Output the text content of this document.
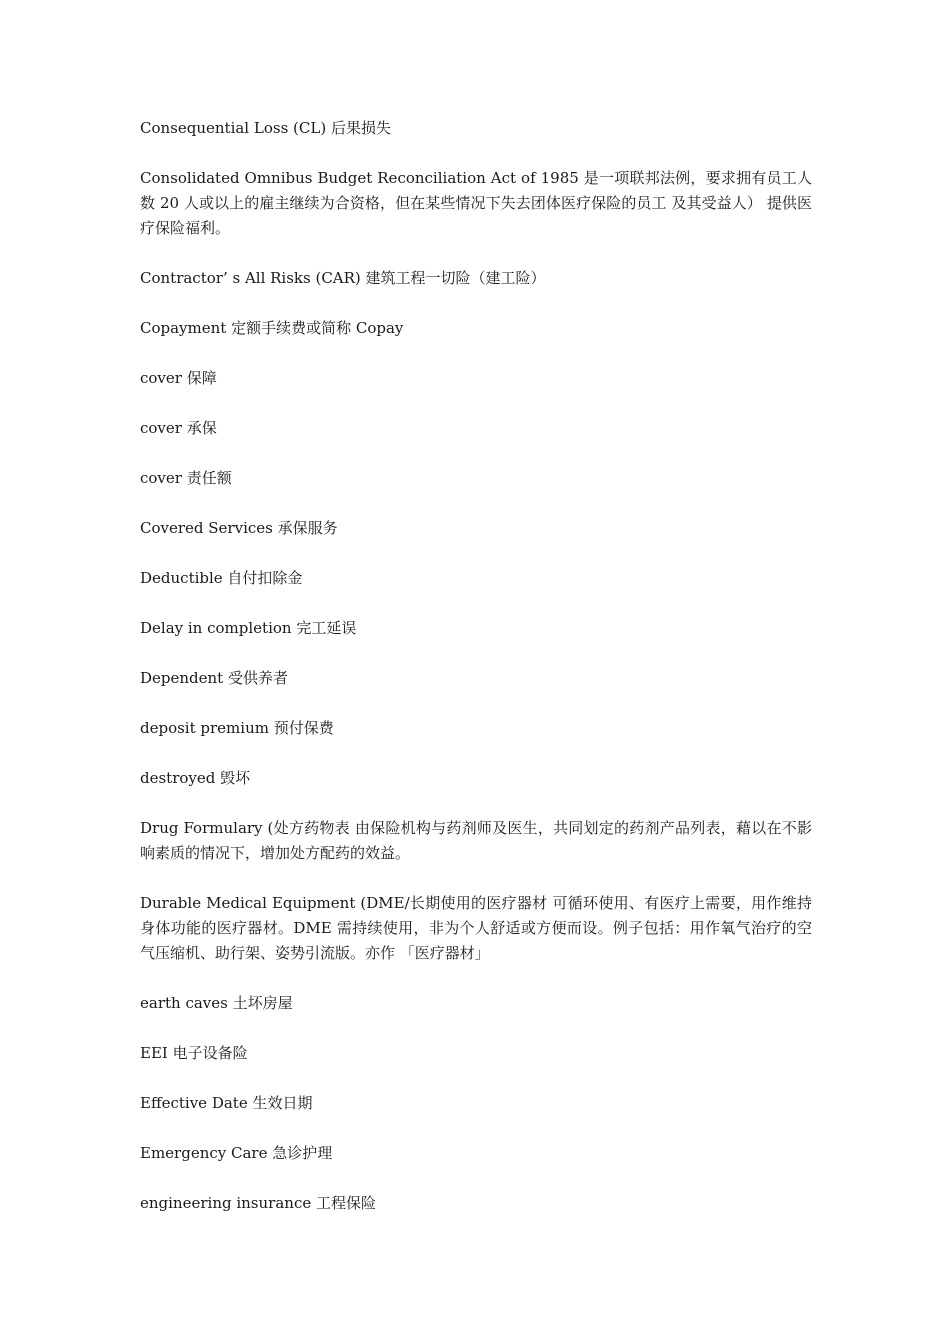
Consequential Loss (CL) 后果损失

Consolidated Omnibus Budget Reconciliation Act of 1985 是一项联邦法例，要求拥有员工人数 20 人或以上的雇主继续为合资格，但在某些情况下失去团体医疗保险的员工 及其受益人） 提供医疗保险福利。

Contractor’ s All Risks (CAR) 建筑工程一切险（建工险）

Copayment 定额手续费或简称 Copay

cover 保障

cover 承保

cover 责任额

Covered Services 承保服务

Deductible 自付扣除金

Delay in completion 完工延误

Dependent 受供养者

deposit premium 预付保费

destroyed 毁坏

Drug Formulary (处方药物表 由保险机构与药剂师及医生，共同划定的药剂产品列表，藉以在不影响素质的情况下，增加处方配药的效益。

Durable Medical Equipment (DME/长期使用的医疗器材 可循环使用、有医疗上需要，用作维持身体功能的医疗器材。DME 需持续使用，非为个人舒适或方便而设。例子包括：用作氧气治疗的空气压缩机、助行架、姿势引流版。亦作 「医疗器材」

earth caves 土坏房屋

EEI 电子设备险

Effective Date 生效日期

Emergency Care 急诊护理

engineering insurance 工程保险
